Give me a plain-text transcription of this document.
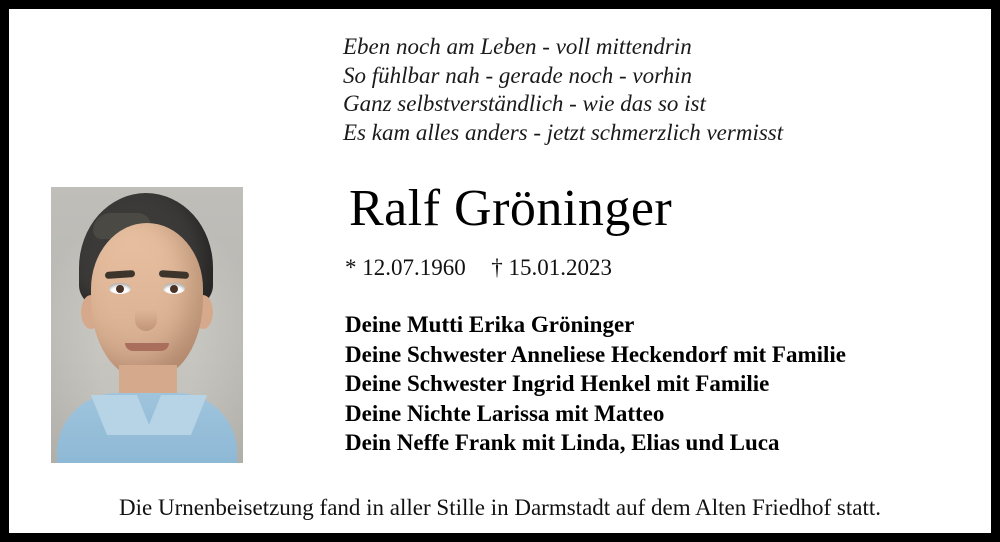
Eben noch am Leben - voll mittendrin
So fühlbar nah - gerade noch - vorhin
Ganz selbstverständlich - wie das so ist
Es kam alles anders - jetzt schmerzlich vermisst
Ralf Gröninger
* 12.07.1960 † 15.01.2023
Deine Mutti Erika Gröninger
Deine Schwester Anneliese Heckendorf mit Familie
Deine Schwester Ingrid Henkel mit Familie
Deine Nichte Larissa mit Matteo
Dein Neffe Frank mit Linda, Elias und Luca
Die Urnenbeisetzung fand in aller Stille in Darmstadt auf dem Alten Friedhof statt.
